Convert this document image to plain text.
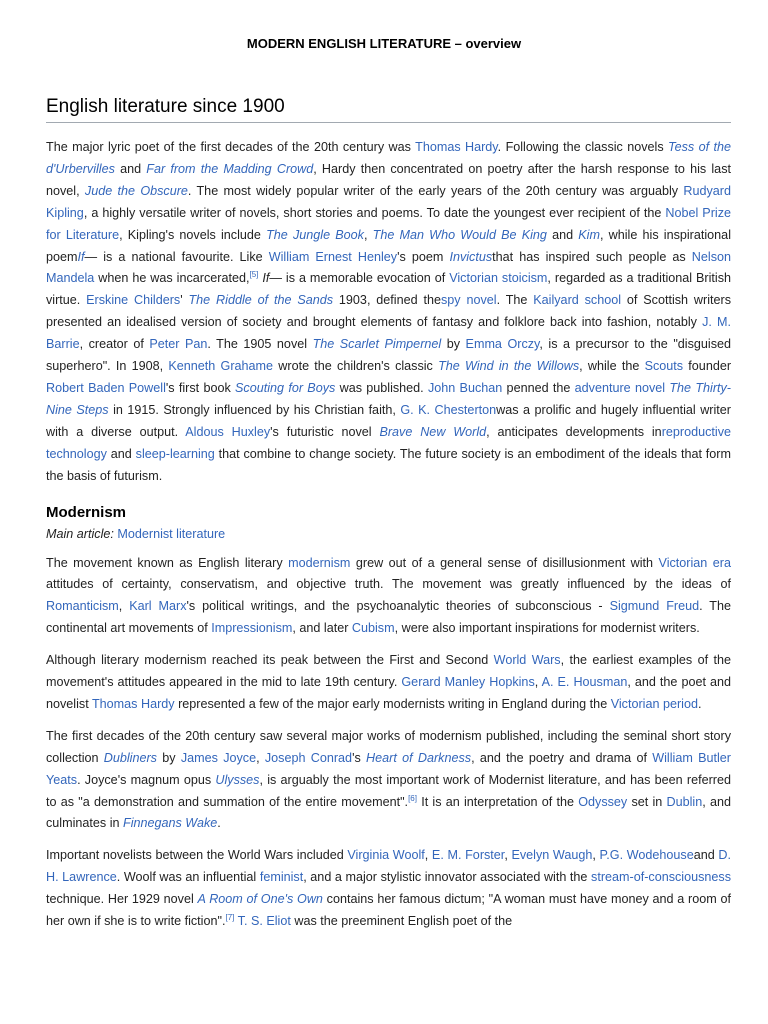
MODERN ENGLISH LITERATURE – overview
English literature since 1900

The major lyric poet of the first decades of the 20th century was Thomas Hardy. Following the classic novels Tess of the d'Urbervilles and Far from the Madding Crowd, Hardy then concentrated on poetry after the harsh response to his last novel, Jude the Obscure. The most widely popular writer of the early years of the 20th century was arguably Rudyard Kipling, a highly versatile writer of novels, short stories and poems. To date the youngest ever recipient of the Nobel Prize for Literature, Kipling's novels include The Jungle Book, The Man Who Would Be King and Kim, while his inspirational poemIf— is a national favourite. Like William Ernest Henley's poem Invictusthat has inspired such people as Nelson Mandela when he was incarcerated,[5] If— is a memorable evocation of Victorian stoicism, regarded as a traditional British virtue. Erskine Childers' The Riddle of the Sands 1903, defined thespy novel. The Kailyard school of Scottish writers presented an idealised version of society and brought elements of fantasy and folklore back into fashion, notably J. M. Barrie, creator of Peter Pan. The 1905 novel The Scarlet Pimpernel by Emma Orczy, is a precursor to the "disguised superhero". In 1908, Kenneth Grahame wrote the children's classic The Wind in the Willows, while the Scouts founder Robert Baden Powell's first book Scouting for Boys was published. John Buchan penned the adventure novel The Thirty-Nine Steps in 1915. Strongly influenced by his Christian faith, G. K. Chestertonwas a prolific and hugely influential writer with a diverse output. Aldous Huxley's futuristic novel Brave New World, anticipates developments inreproductive technology and sleep-learning that combine to change society. The future society is an embodiment of the ideals that form the basis of futurism.

Modernism
Main article: Modernist literature

The movement known as English literary modernism grew out of a general sense of disillusionment with Victorian era attitudes of certainty, conservatism, and objective truth. The movement was greatly influenced by the ideas of Romanticism, Karl Marx's political writings, and the psychoanalytic theories of subconscious - Sigmund Freud. The continental art movements of Impressionism, and later Cubism, were also important inspirations for modernist writers.

Although literary modernism reached its peak between the First and Second World Wars, the earliest examples of the movement's attitudes appeared in the mid to late 19th century. Gerard Manley Hopkins, A. E. Housman, and the poet and novelist Thomas Hardy represented a few of the major early modernists writing in England during the Victorian period.

The first decades of the 20th century saw several major works of modernism published, including the seminal short story collection Dubliners by James Joyce, Joseph Conrad's Heart of Darkness, and the poetry and drama of William Butler Yeats. Joyce's magnum opus Ulysses, is arguably the most important work of Modernist literature, and has been referred to as "a demonstration and summation of the entire movement".[6] It is an interpretation of the Odyssey set in Dublin, and culminates in Finnegans Wake.

Important novelists between the World Wars included Virginia Woolf, E. M. Forster, Evelyn Waugh, P.G. Wodehouseand D. H. Lawrence. Woolf was an influential feminist, and a major stylistic innovator associated with the stream-of-consciousness technique. Her 1929 novel A Room of One's Own contains her famous dictum; "A woman must have money and a room of her own if she is to write fiction".[7] T. S. Eliot was the preeminent English poet of the
